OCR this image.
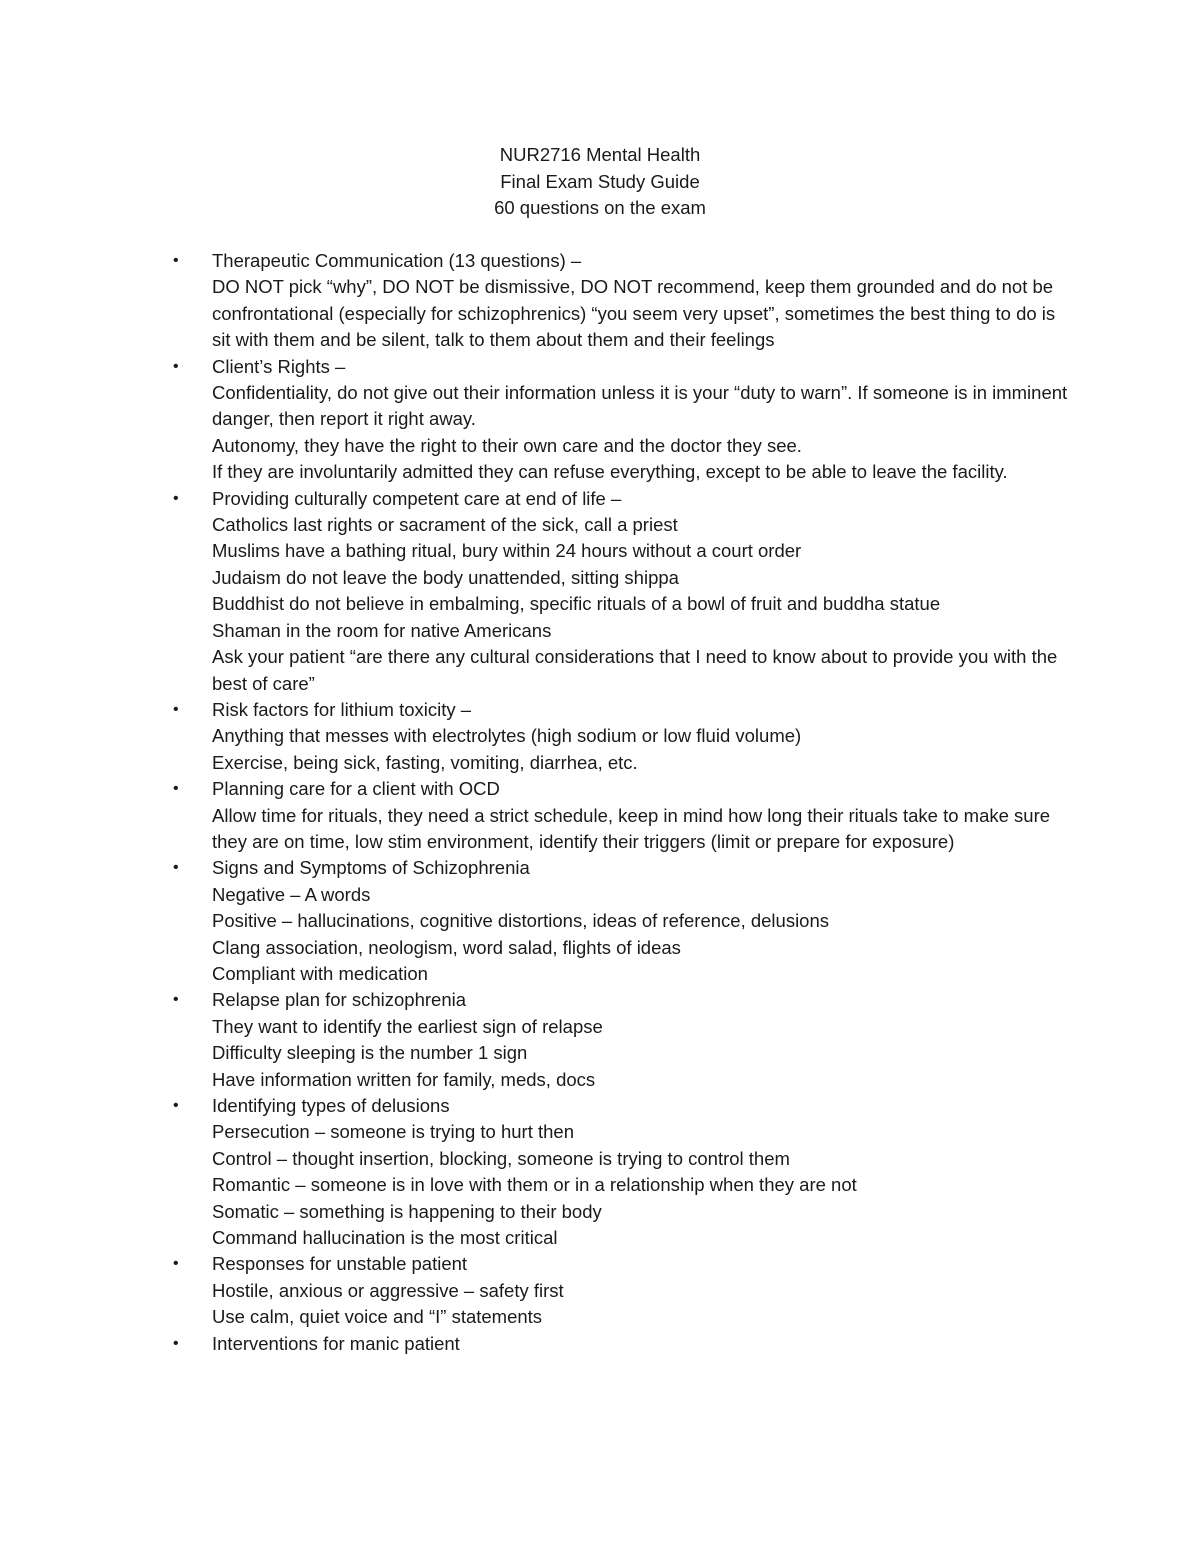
NUR2716 Mental Health
Final Exam Study Guide
60 questions on the exam
• Therapeutic Communication (13 questions) –
DO NOT pick “why”, DO NOT be dismissive, DO NOT recommend, keep them grounded and do not be confrontational (especially for schizophrenics) “you seem very upset”, sometimes the best thing to do is sit with them and be silent, talk to them about them and their feelings
• Client’s Rights –
Confidentiality, do not give out their information unless it is your “duty to warn”. If someone is in imminent danger, then report it right away.
Autonomy, they have the right to their own care and the doctor they see.
If they are involuntarily admitted they can refuse everything, except to be able to leave the facility.
• Providing culturally competent care at end of life –
Catholics last rights or sacrament of the sick, call a priest
Muslims have a bathing ritual, bury within 24 hours without a court order
Judaism do not leave the body unattended, sitting shippa
Buddhist do not believe in embalming, specific rituals of a bowl of fruit and buddha statue
Shaman in the room for native Americans
Ask your patient “are there any cultural considerations that I need to know about to provide you with the best of care”
• Risk factors for lithium toxicity –
Anything that messes with electrolytes (high sodium or low fluid volume)
Exercise, being sick, fasting, vomiting, diarrhea, etc.
• Planning care for a client with OCD
Allow time for rituals, they need a strict schedule, keep in mind how long their rituals take to make sure they are on time, low stim environment, identify their triggers (limit or prepare for exposure)
• Signs and Symptoms of Schizophrenia
Negative – A words
Positive – hallucinations, cognitive distortions, ideas of reference, delusions
Clang association, neologism, word salad, flights of ideas
Compliant with medication
• Relapse plan for schizophrenia
They want to identify the earliest sign of relapse
Difficulty sleeping is the number 1 sign
Have information written for family, meds, docs
• Identifying types of delusions
Persecution – someone is trying to hurt then
Control – thought insertion, blocking, someone is trying to control them
Romantic – someone is in love with them or in a relationship when they are not
Somatic – something is happening to their body
Command hallucination is the most critical
• Responses for unstable patient
Hostile, anxious or aggressive – safety first
Use calm, quiet voice and “I” statements
• Interventions for manic patient
